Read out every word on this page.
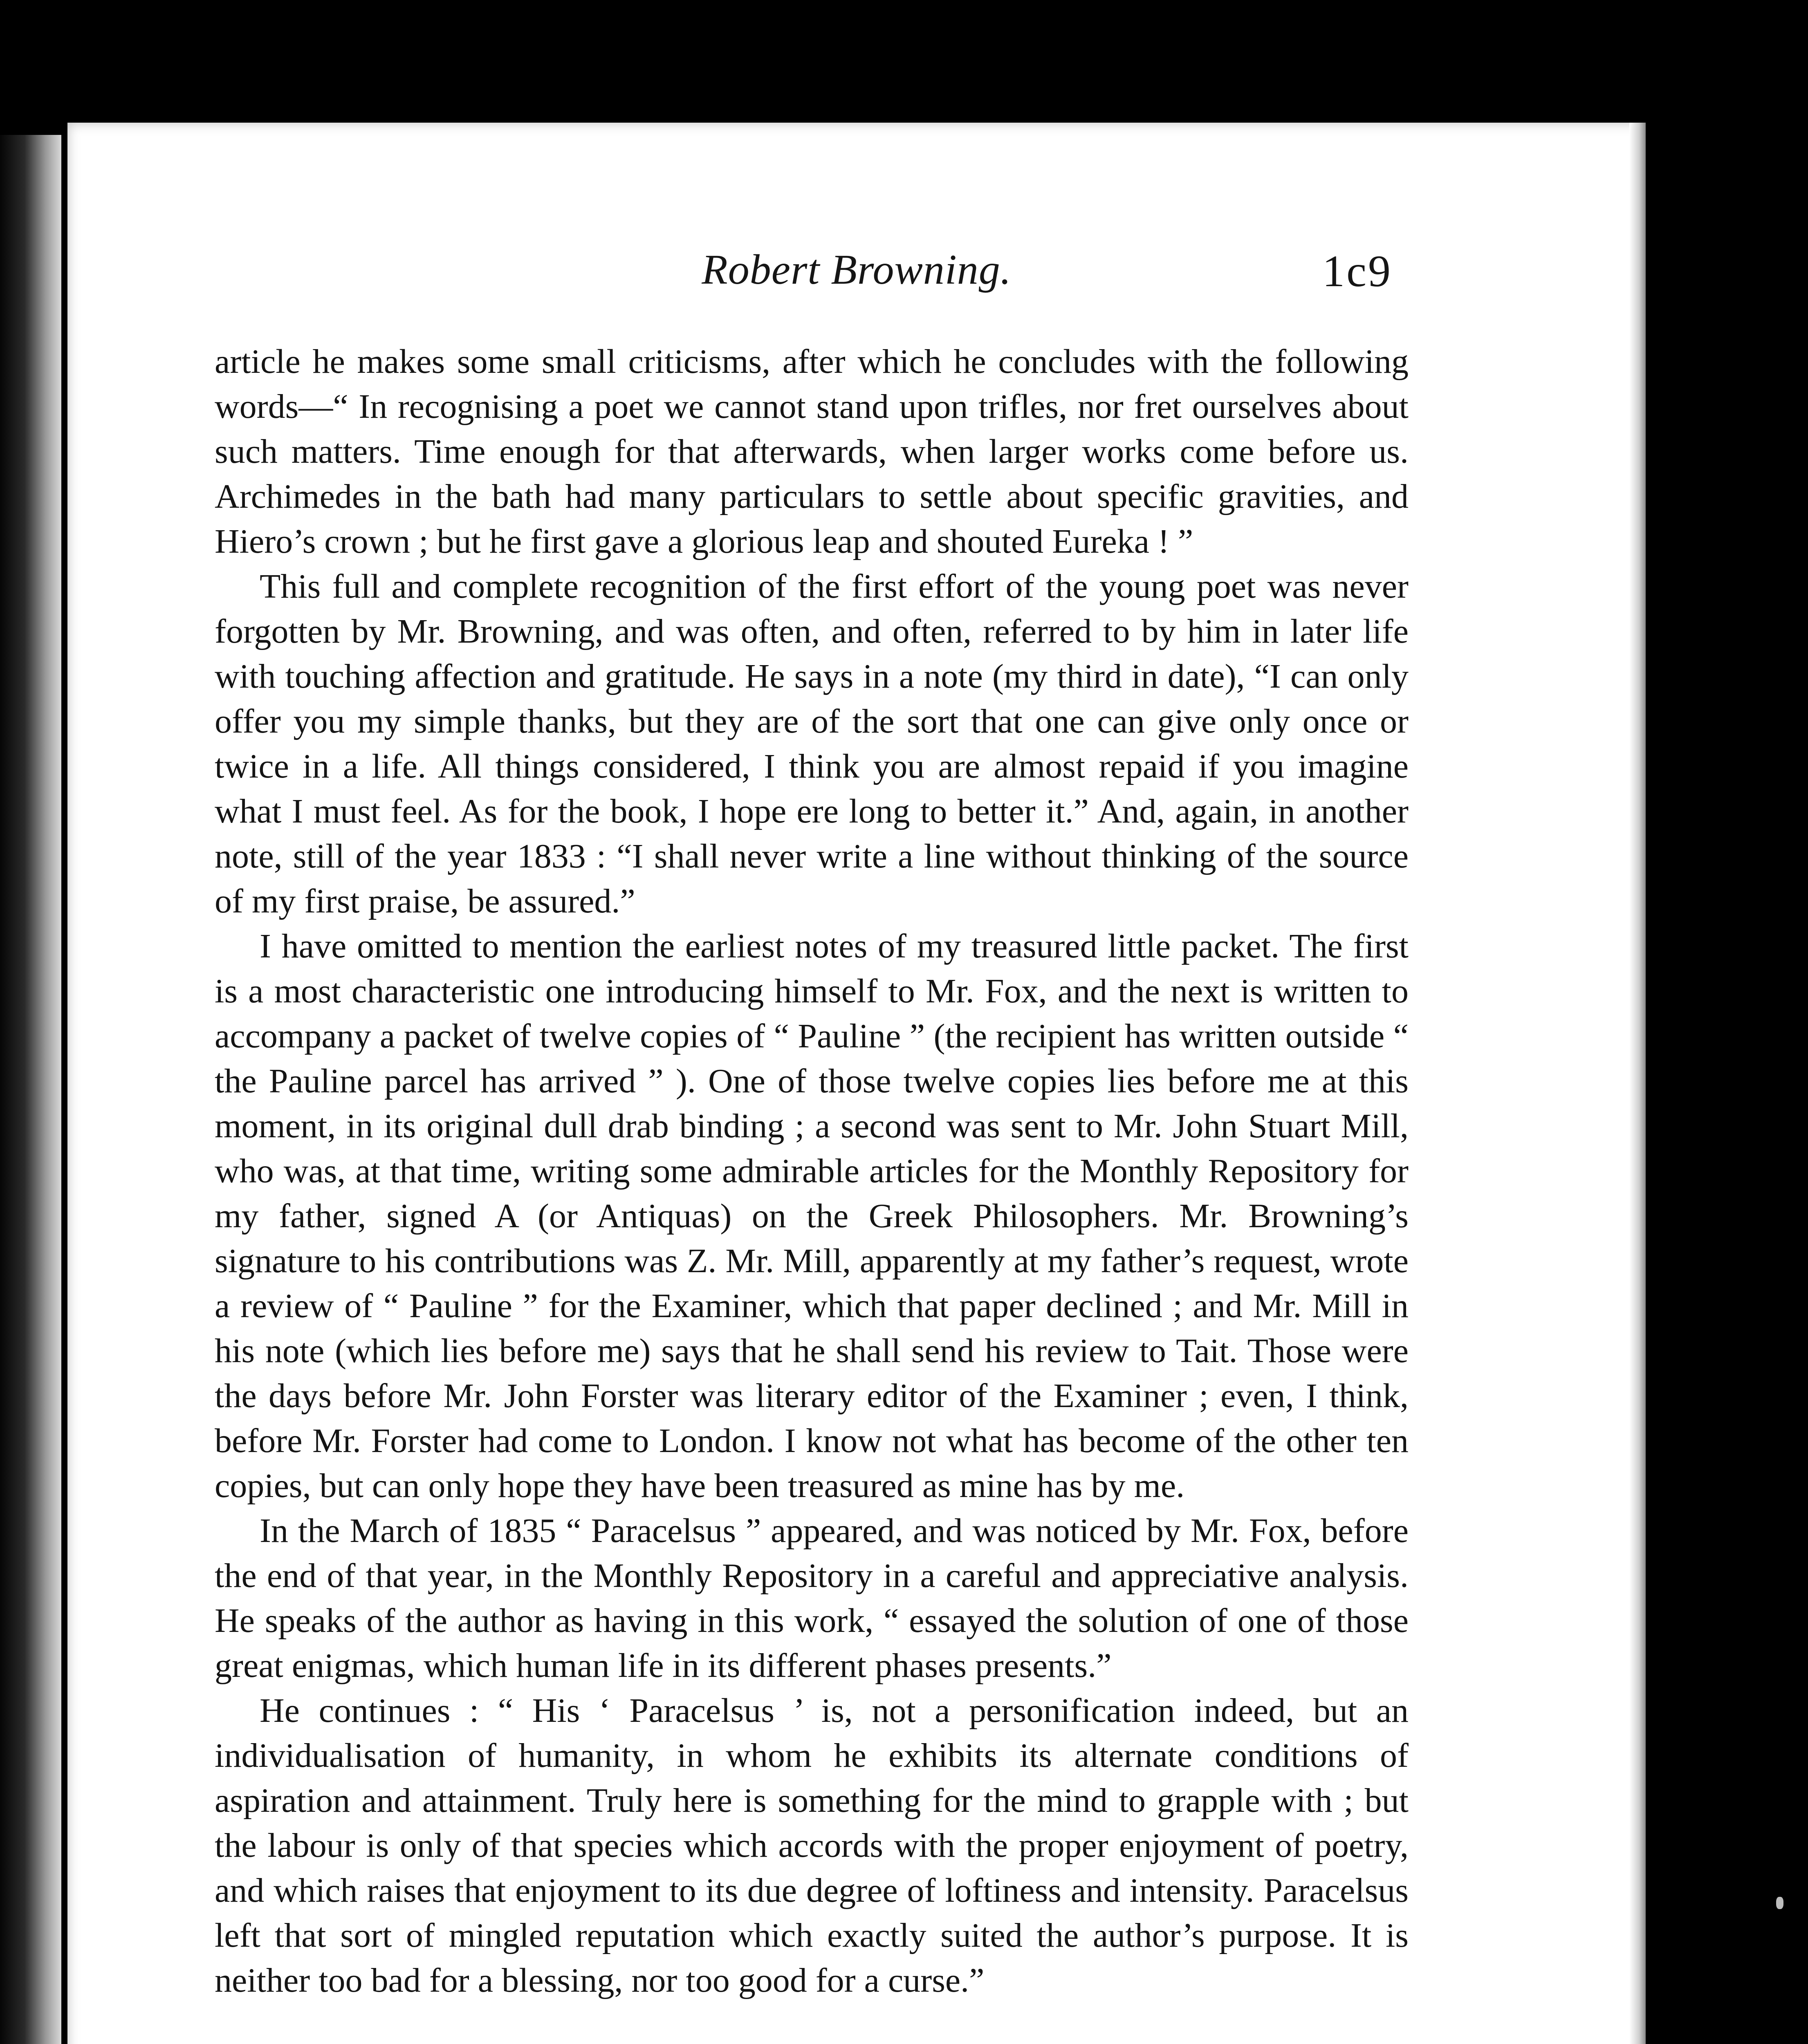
Robert Browning.	1c9

article he makes some small criticisms, after which he concludes with the following words—“ In recognising a poet we cannot stand upon trifles, nor fret ourselves about such matters. Time enough for that afterwards, when larger works come before us. Archimedes in the bath had many particulars to settle about specific gravities, and Hiero’s crown ; but he first gave a glorious leap and shouted Eureka ! ”

This full and complete recognition of the first effort of the young poet was never forgotten by Mr. Browning, and was often, and often, referred to by him in later life with touching affection and gratitude. He says in a note (my third in date), “I can only offer you my simple thanks, but they are of the sort that one can give only once or twice in a life. All things considered, I think you are almost repaid if you imagine what I must feel. As for the book, I hope ere long to better it.” And, again, in another note, still of the year 1833 : “I shall never write a line without thinking of the source of my first praise, be assured.”

I have omitted to mention the earliest notes of my treasured little packet. The first is a most characteristic one introducing himself to Mr. Fox, and the next is written to accompany a packet of twelve copies of “ Pauline ” (the recipient has written outside “ the Pauline parcel has arrived ” ). One of those twelve copies lies before me at this moment, in its original dull drab binding ; a second was sent to Mr. John Stuart Mill, who was, at that time, writing some admirable articles for the Monthly Repository for my father, signed A (or Antiquas) on the Greek Philosophers. Mr. Browning’s signature to his contributions was Z. Mr. Mill, apparently at my father’s request, wrote a review of “ Pauline ” for the Examiner, which that paper declined ; and Mr. Mill in his note (which lies before me) says that he shall send his review to Tait. Those were the days before Mr. John Forster was literary editor of the Examiner ; even, I think, before Mr. Forster had come to London. I know not what has become of the other ten copies, but can only hope they have been treasured as mine has by me.

In the March of 1835 “ Paracelsus ” appeared, and was noticed by Mr. Fox, before the end of that year, in the Monthly Repository in a careful and appreciative analysis. He speaks of the author as having in this work, “ essayed the solution of one of those great enigmas, which human life in its different phases presents.”

He continues : “ His ‘ Paracelsus ’ is, not a personification indeed, but an individualisation of humanity, in whom he exhibits its alternate conditions of aspiration and attainment. Truly here is something for the mind to grapple with ; but the labour is only of that species which accords with the proper enjoyment of poetry, and which raises that enjoyment to its due degree of loftiness and intensity. Paracelsus left that sort of mingled reputation which exactly suited the author’s purpose. It is neither too bad for a blessing, nor too good for a curse.”
